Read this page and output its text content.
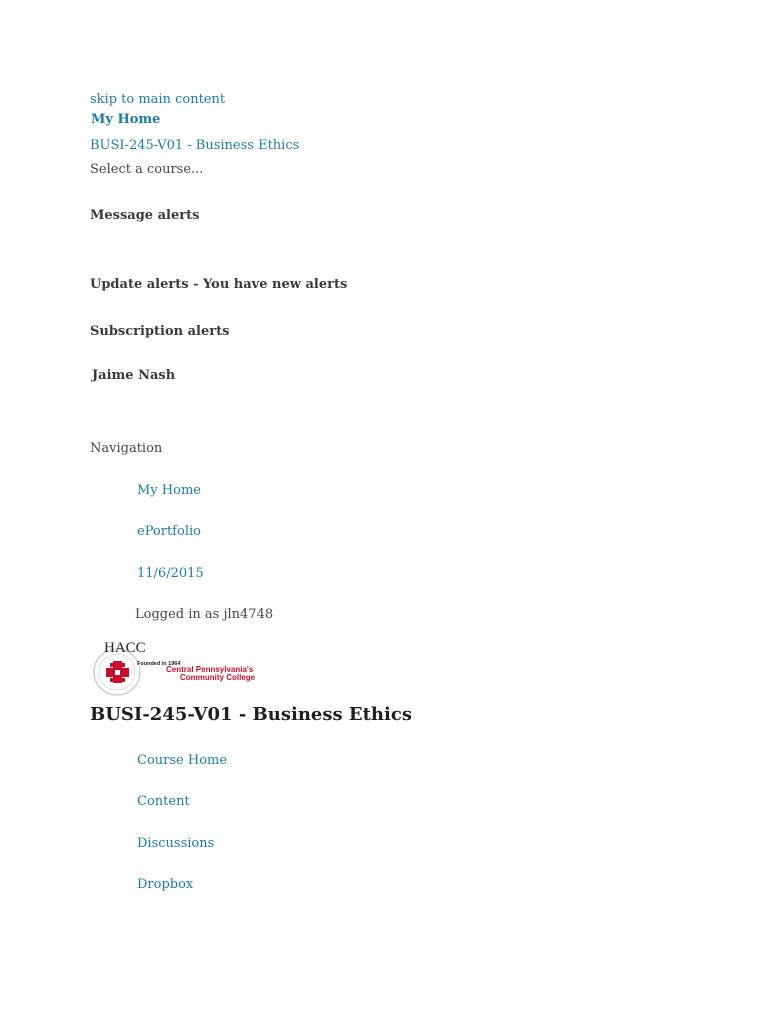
skip to main content
My Home
BUSI-245-V01 - Business Ethics
Select a course...
Message alerts
Update alerts - You have new alerts
Subscription alerts
Jaime Nash
Navigation
My Home
ePortfolio
11/6/2015
Logged in as jln4748
HACC
Founded in 1964
Central Pennsylvania's
Community College
BUSI-245-V01 - Business Ethics
Course Home
Content
Discussions
Dropbox
